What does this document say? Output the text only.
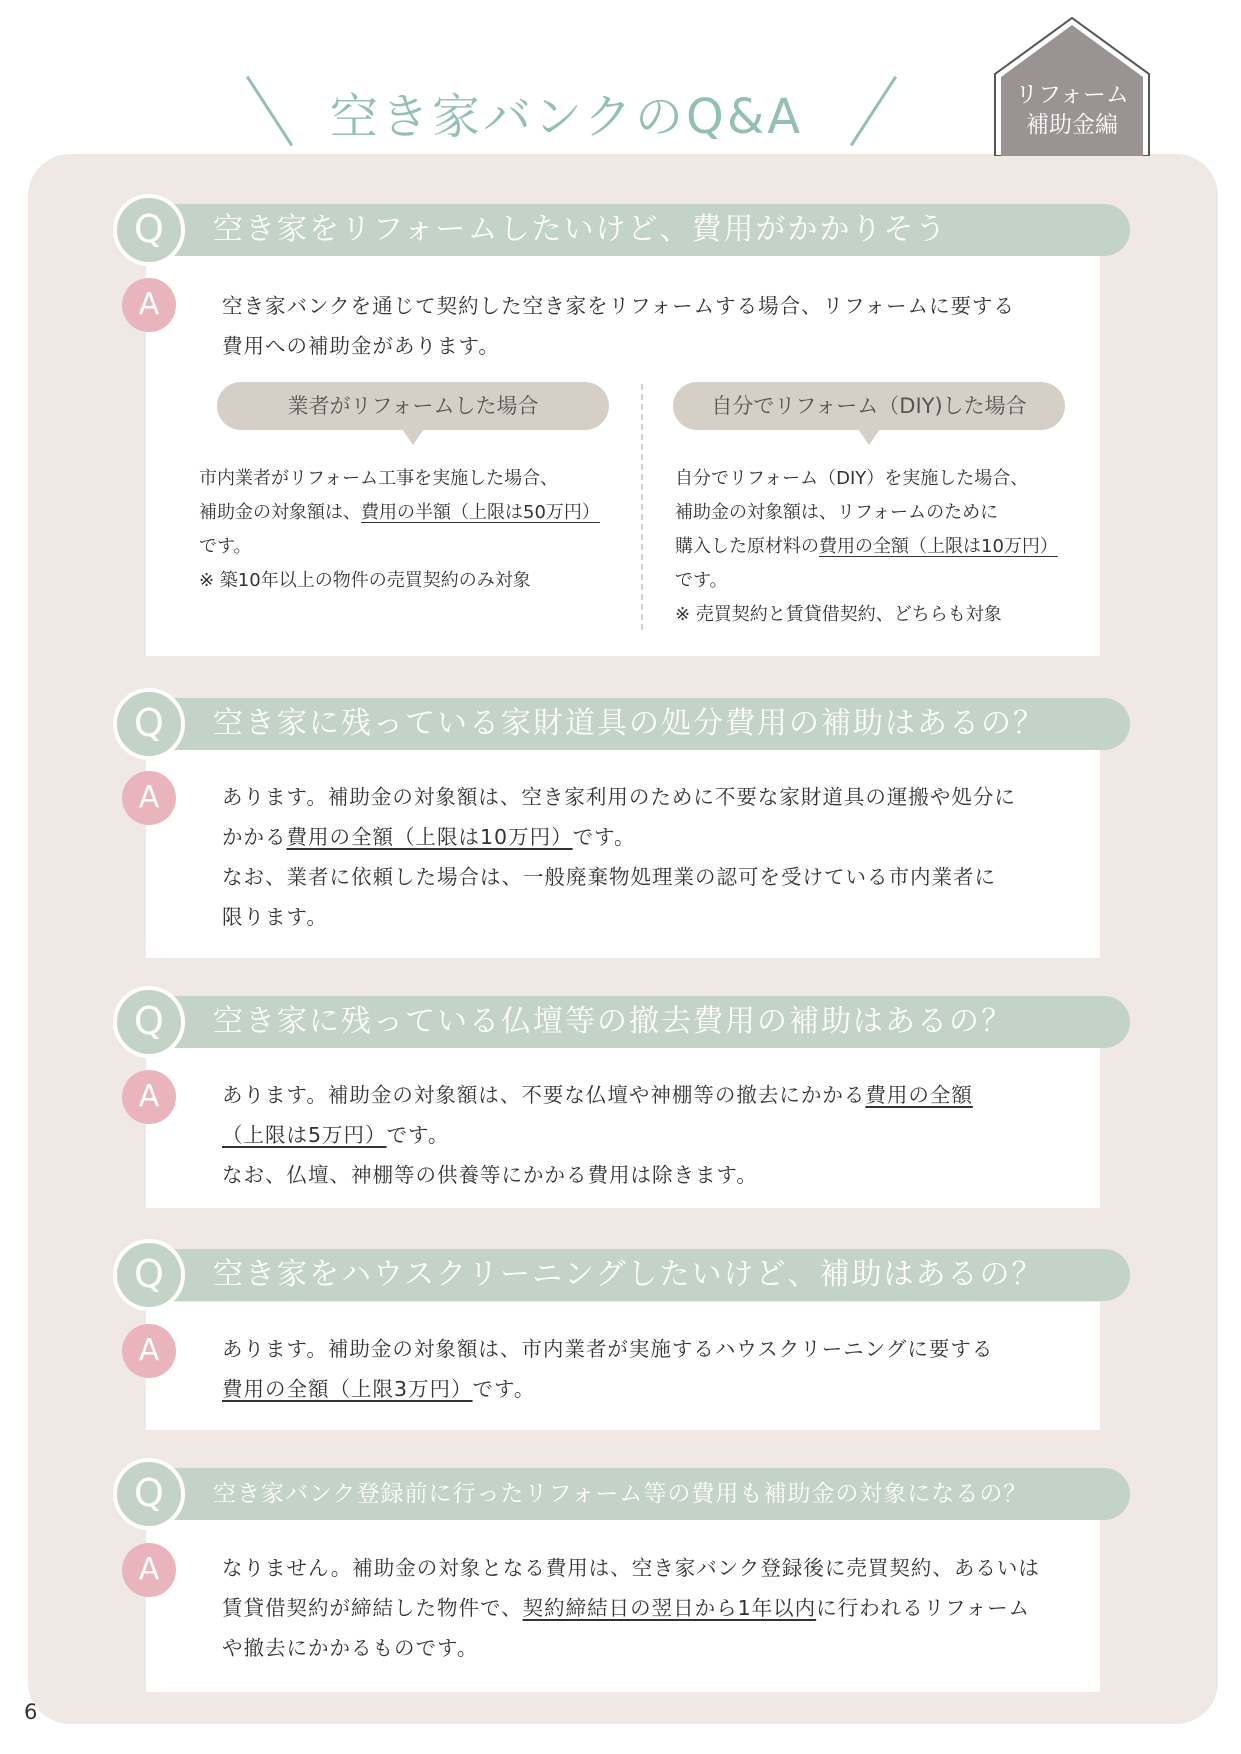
空き家バンクのQ&A	リフォーム
補助金編
空き家をリフォームしたいけど、費用がかかりそう
Q
A	空き家バンクを通じて契約した空き家をリフォームする場合、リフォームに要する
費用への補助金があります。
業者がリフォームした場合	自分でリフォーム（DIY)した場合
市内業者がリフォーム工事を実施した場合、
補助金の対象額は、費用の半額（上限は50万円）
です。
※ 築10年以上の物件の売買契約のみ対象
自分でリフォーム（DIY）を実施した場合、
補助金の対象額は、リフォームのために
購入した原材料の費用の全額（上限は10万円）
です。
※ 売買契約と賃貸借契約、どちらも対象
空き家に残っている家財道具の処分費用の補助はあるの？
Q
A	あります。補助金の対象額は、空き家利用のために不要な家財道具の運搬や処分に
かかる費用の全額（上限は10万円）です。
なお、業者に依頼した場合は、一般廃棄物処理業の認可を受けている市内業者に
限ります。
空き家に残っている仏壇等の撤去費用の補助はあるの？
Q
A	あります。補助金の対象額は、不要な仏壇や神棚等の撤去にかかる費用の全額
（上限は5万円）です。
なお、仏壇、神棚等の供養等にかかる費用は除きます。
空き家をハウスクリーニングしたいけど、補助はあるの？
Q
A	あります。補助金の対象額は、市内業者が実施するハウスクリーニングに要する
費用の全額（上限3万円）です。
空き家バンク登録前に行ったリフォーム等の費用も補助金の対象になるの？
Q
A	なりません。補助金の対象となる費用は、空き家バンク登録後に売買契約、あるいは
賃貸借契約が締結した物件で、契約締結日の翌日から1年以内に行われるリフォーム
や撤去にかかるものです。
6
